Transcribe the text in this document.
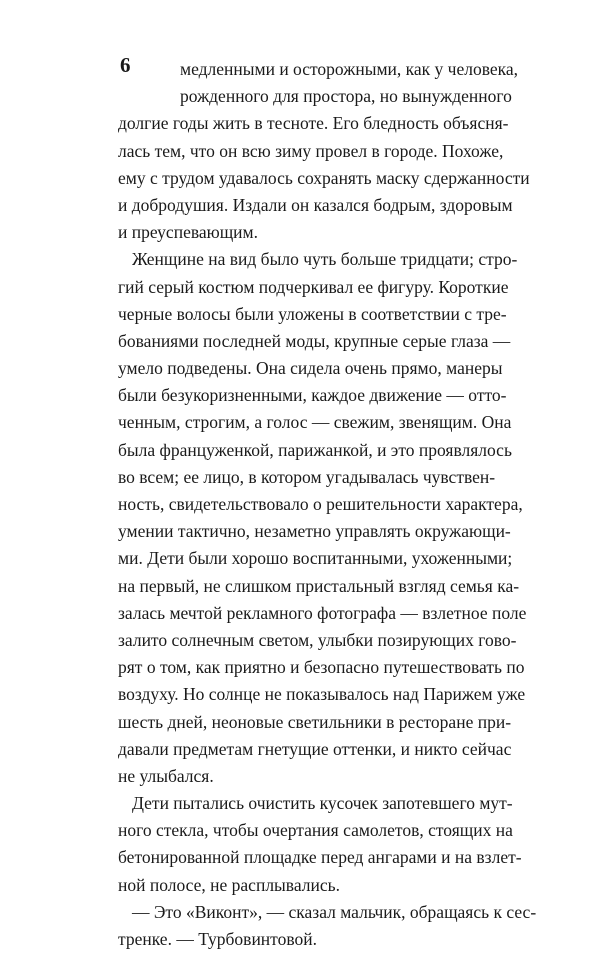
6	медленными и осторожными, как у человека,
рожденного для простора, но вынужденного
долгие годы жить в тесноте. Его бледность объясня-
лась тем, что он всю зиму провел в городе. Похоже,
ему с трудом удавалось сохранять маску сдержанности
и добродушия. Издали он казался бодрым, здоровым
и преуспевающим.
Женщине на вид было чуть больше тридцати; стро-
гий серый костюм подчеркивал ее фигуру. Короткие
черные волосы были уложены в соответствии с тре-
бованиями последней моды, крупные серые глаза —
умело подведены. Она сидела очень прямо, манеры
были безукоризненными, каждое движение — отто-
ченным, строгим, а голос — свежим, звенящим. Она
была француженкой, парижанкой, и это проявлялось
во всем; ее лицо, в котором угадывалась чувствен-
ность, свидетельствовало о решительности характера,
умении тактично, незаметно управлять окружающи-
ми. Дети были хорошо воспитанными, ухоженными;
на первый, не слишком пристальный взгляд семья ка-
залась мечтой рекламного фотографа — взлетное поле
залито солнечным светом, улыбки позирующих гово-
рят о том, как приятно и безопасно путешествовать по
воздуху. Но солнце не показывалось над Парижем уже
шесть дней, неоновые светильники в ресторане при-
давали предметам гнетущие оттенки, и никто сейчас
не улыбался.
Дети пытались очистить кусочек запотевшего мут-
ного стекла, чтобы очертания самолетов, стоящих на
бетонированной площадке перед ангарами и на взлет-
ной полосе, не расплывались.
— Это «Виконт», — сказал мальчик, обращаясь к сес-
тренке. — Турбовинтовой.
